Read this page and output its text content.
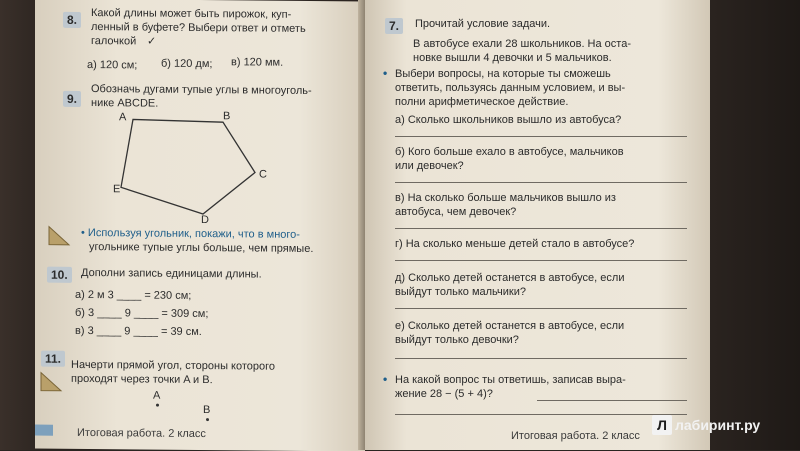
8.	Какой длины может быть пирожок, куп-
ленный в буфете? Выбери ответ и отметь
галочкой ✓
а) 120 см; б) 120 дм; в) 120 мм.
9.
Обозначь дугами тупые углы в многоуголь-
нике ABCDE.
A	B
C
D
E
• Используя угольник, покажи, что в много-
угольнике тупые углы больше, чем прямые.
10.	Дополни запись единицами длины.
а) 2 м 3 ____ = 230 см;
б) 3 ____ 9 ____ = 309 см;
в) 3 ____ 9 ____ = 39 см.
11. Начерти прямой угол, стороны которого
проходят через точки A и B.
A
B
Итоговая работа. 2 класс
7.	Прочитай условие задачи.
В автобусе ехали 28 школьников. На оста-
новке вышли 4 девочки и 5 мальчиков.
• Выбери вопросы, на которые ты сможешь
ответить, пользуясь данным условием, и вы-
полни арифметическое действие.
а) Сколько школьников вышло из автобуса?
б) Кого больше ехало в автобусе, мальчиков
или девочек?
в) На сколько больше мальчиков вышло из
автобуса, чем девочек?
г) На сколько меньше детей стало в автобусе?
д) Сколько детей останется в автобусе, если
выйдут только мальчики?
е) Сколько детей останется в автобусе, если
выйдут только девочки?
• На какой вопрос ты ответишь, записав выра-
жение 28 − (5 + 4)?
Итоговая работа. 2 класс
Л лабиринт.ру
